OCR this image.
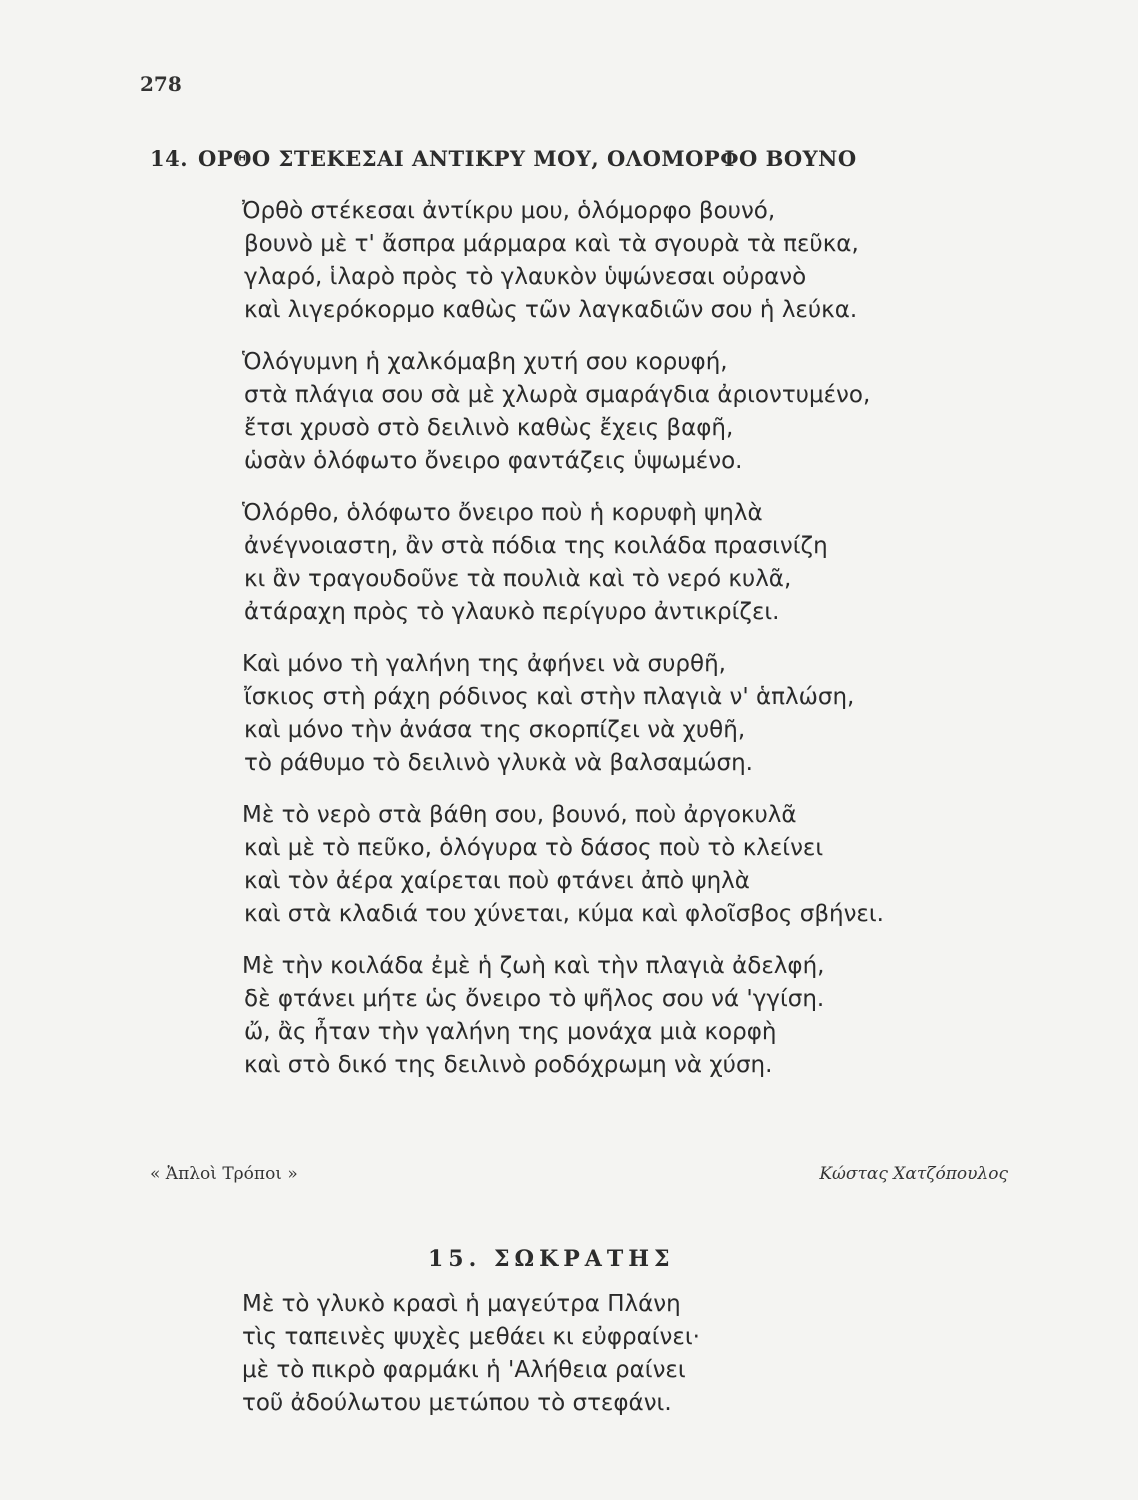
278
14. ΟΡΘΟ ΣΤΕΚΕΣΑΙ ΑΝΤΙΚΡΥ ΜΟΥ, ΟΛΟΜΟΡΦΟ ΒΟΥΝΟ
Ὀρθὸ στέκεσαι ἀντίκρυ μου, ὁλόμορφο βουνό,
βουνὸ μὲ τ' ἄσπρα μάρμαρα καὶ τὰ σγουρὰ τὰ πεῦκα,
γλαρό, ἱλαρὸ πρὸς τὸ γλαυκὸν ὑψώνεσαι οὐρανὸ
καὶ λιγερόκορμο καθὼς τῶν λαγκαδιῶν σου ἡ λεύκα.
Ὁλόγυμνη ἡ χαλκόμαβη χυτή σου κορυφή,
στὰ πλάγια σου σὰ μὲ χλωρὰ σμαράγδια ἀριοντυμένο,
ἔτσι χρυσὸ στὸ δειλινὸ καθὼς ἔχεις βαφῆ,
ὡσὰν ὁλόφωτο ὄνειρο φαντάζεις ὑψωμένο.
Ὁλόρθο, ὁλόφωτο ὄνειρο ποὺ ἡ κορυφὴ ψηλὰ
ἀνέγνοιαστη, ἂν στὰ πόδια της κοιλάδα πρασινίζη
κι ἂν τραγουδοῦνε τὰ πουλιὰ καὶ τὸ νερό κυλᾶ,
ἀτάραχη πρὸς τὸ γλαυκὸ περίγυρο ἀντικρίζει.
Καὶ μόνο τὴ γαλήνη της ἀφήνει νὰ συρθῆ,
ἴσκιος στὴ ράχη ρόδινος καὶ στὴν πλαγιὰ ν' ἁπλώση,
καὶ μόνο τὴν ἀνάσα της σκορπίζει νὰ χυθῆ,
τὸ ράθυμο τὸ δειλινὸ γλυκὰ νὰ βαλσαμώση.
Μὲ τὸ νερὸ στὰ βάθη σου, βουνό, ποὺ ἀργοκυλᾶ
καὶ μὲ τὸ πεῦκο, ὁλόγυρα τὸ δάσος ποὺ τὸ κλείνει
καὶ τὸν ἀέρα χαίρεται ποὺ φτάνει ἀπὸ ψηλὰ
καὶ στὰ κλαδιά του χύνεται, κύμα καὶ φλοῖσβος σβήνει.
Μὲ τὴν κοιλάδα ἐμὲ ἡ ζωὴ καὶ τὴν πλαγιὰ ἀδελφή,
δὲ φτάνει μήτε ὡς ὄνειρο τὸ ψῆλος σου νά 'γγίση.
ὤ, ἂς ἦταν τὴν γαλήνη της μονάχα μιὰ κορφὴ
καὶ στὸ δικό της δειλινὸ ροδόχρωμη νὰ χύση.
« Ἁπλοὶ Τρόποι »	Κώστας Χατζόπουλος
15. ΣΩΚΡΑΤΗΣ
Μὲ τὸ γλυκὸ κρασὶ ἡ μαγεύτρα Πλάνη
τὶς ταπεινὲς ψυχὲς μεθάει κι εὐφραίνει·
μὲ τὸ πικρὸ φαρμάκι ἡ 'Αλήθεια ραίνει
τοῦ ἀδούλωτου μετώπου τὸ στεφάνι.
